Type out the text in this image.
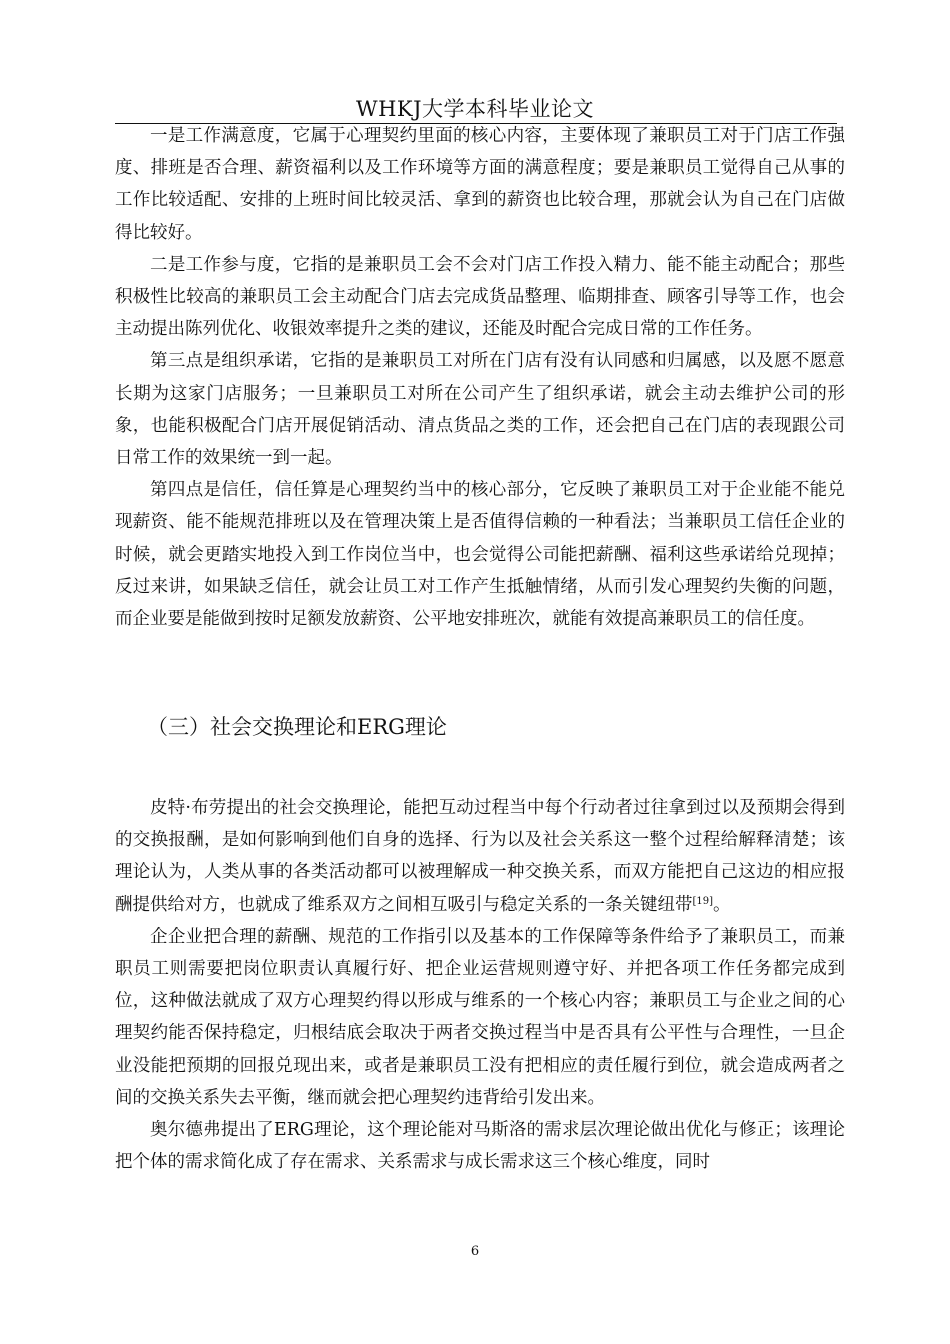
WHKJ大学本科毕业论文

一是工作满意度，它属于心理契约里面的核心内容，主要体现了兼职员工对于门店工作强度、排班是否合理、薪资福利以及工作环境等方面的满意程度；要是兼职员工觉得自己从事的工作比较适配、安排的上班时间比较灵活、拿到的薪资也比较合理，那就会认为自己在门店做得比较好。

二是工作参与度，它指的是兼职员工会不会对门店工作投入精力、能不能主动配合；那些积极性比较高的兼职员工会主动配合门店去完成货品整理、临期排查、顾客引导等工作，也会主动提出陈列优化、收银效率提升之类的建议，还能及时配合完成日常的工作任务。

第三点是组织承诺，它指的是兼职员工对所在门店有没有认同感和归属感，以及愿不愿意长期为这家门店服务；一旦兼职员工对所在公司产生了组织承诺，就会主动去维护公司的形象，也能积极配合门店开展促销活动、清点货品之类的工作，还会把自己在门店的表现跟公司日常工作的效果统一到一起。

第四点是信任，信任算是心理契约当中的核心部分，它反映了兼职员工对于企业能不能兑现薪资、能不能规范排班以及在管理决策上是否值得信赖的一种看法；当兼职员工信任企业的时候，就会更踏实地投入到工作岗位当中，也会觉得公司能把薪酬、福利这些承诺给兑现掉；反过来讲，如果缺乏信任，就会让员工对工作产生抵触情绪，从而引发心理契约失衡的问题，而企业要是能做到按时足额发放薪资、公平地安排班次，就能有效提高兼职员工的信任度。

（三）社会交换理论和ERG理论

皮特·布劳提出的社会交换理论，能把互动过程当中每个行动者过往拿到过以及预期会得到的交换报酬，是如何影响到他们自身的选择、行为以及社会关系这一整个过程给解释清楚；该理论认为，人类从事的各类活动都可以被理解成一种交换关系，而双方能把自己这边的相应报酬提供给对方，也就成了维系双方之间相互吸引与稳定关系的一条关键纽带[19]。

企企业把合理的薪酬、规范的工作指引以及基本的工作保障等条件给予了兼职员工，而兼职员工则需要把岗位职责认真履行好、把企业运营规则遵守好、并把各项工作任务都完成到位，这种做法就成了双方心理契约得以形成与维系的一个核心内容；兼职员工与企业之间的心理契约能否保持稳定，归根结底会取决于两者交换过程当中是否具有公平性与合理性，一旦企业没能把预期的回报兑现出来，或者是兼职员工没有把相应的责任履行到位，就会造成两者之间的交换关系失去平衡，继而就会把心理契约违背给引发出来。

奥尔德弗提出了ERG理论，这个理论能对马斯洛的需求层次理论做出优化与修正；该理论把个体的需求简化成了存在需求、关系需求与成长需求这三个核心维度，同时

6
